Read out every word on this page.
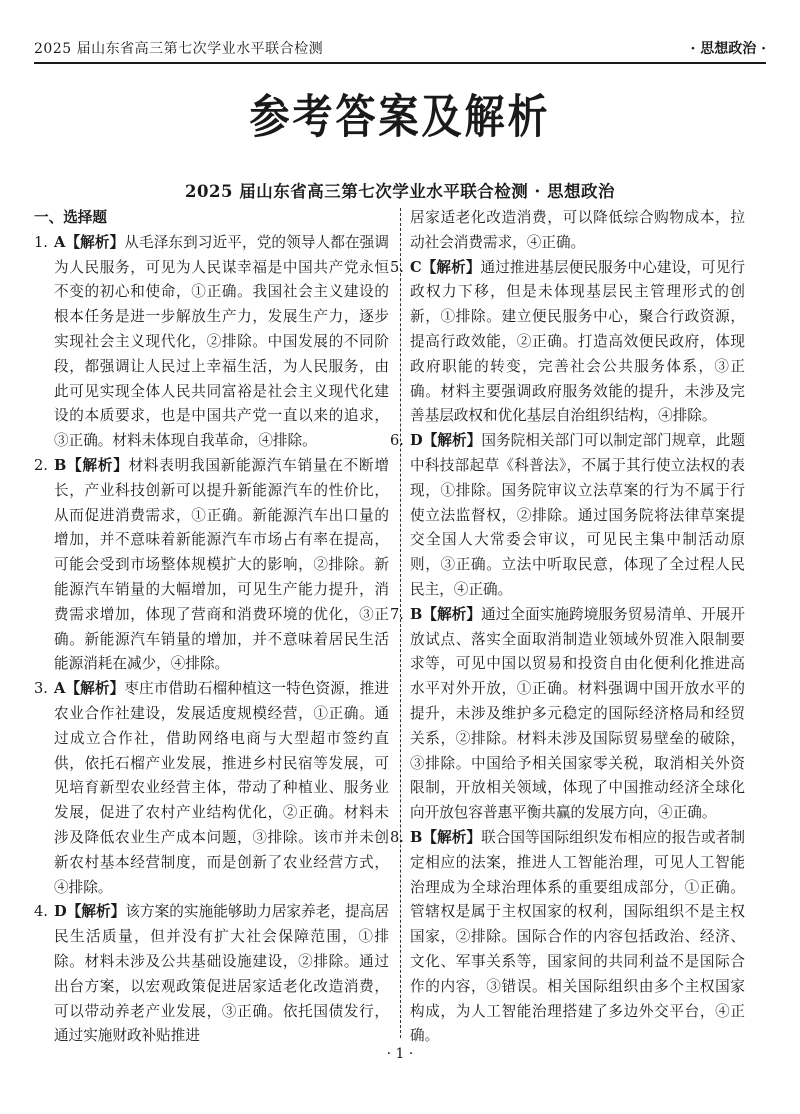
2025 届山东省高三第七次学业水平联合检测	· 思想政治 ·
参考答案及解析
2025 届山东省高三第七次学业水平联合检测 · 思想政治
一、选择题

1. A【解析】从毛泽东到习近平，党的领导人都在强调为人民服务，可见为人民谋幸福是中国共产党永恒不变的初心和使命，①正确。我国社会主义建设的根本任务是进一步解放生产力，发展生产力，逐步实现社会主义现代化，②排除。中国发展的不同阶段，都强调让人民过上幸福生活，为人民服务，由此可见实现全体人民共同富裕是社会主义现代化建设的本质要求，也是中国共产党一直以来的追求，③正确。材料未体现自我革命，④排除。

2. B【解析】材料表明我国新能源汽车销量在不断增长，产业科技创新可以提升新能源汽车的性价比，从而促进消费需求，①正确。新能源汽车出口量的增加，并不意味着新能源汽车市场占有率在提高，可能会受到市场整体规模扩大的影响，②排除。新能源汽车销量的大幅增加，可见生产能力提升，消费需求增加，体现了营商和消费环境的优化，③正确。新能源汽车销量的增加，并不意味着居民生活能源消耗在减少，④排除。

3. A【解析】枣庄市借助石榴种植这一特色资源，推进农业合作社建设，发展适度规模经营，①正确。通过成立合作社，借助网络电商与大型超市签约直供，依托石榴产业发展，推进乡村民宿等发展，可见培育新型农业经营主体，带动了种植业、服务业发展，促进了农村产业结构优化，②正确。材料未涉及降低农业生产成本问题，③排除。该市并未创新农村基本经营制度，而是创新了农业经营方式，④排除。

4. D【解析】该方案的实施能够助力居家养老，提高居民生活质量，但并没有扩大社会保障范围，①排除。材料未涉及公共基础设施建设，②排除。通过出台方案，以宏观政策促进居家适老化改造消费，可以带动养老产业发展，③正确。依托国债发行，通过实施财政补贴推进

居家适老化改造消费，可以降低综合购物成本，拉动社会消费需求，④正确。

5. C【解析】通过推进基层便民服务中心建设，可见行政权力下移，但是未体现基层民主管理形式的创新，①排除。建立便民服务中心，聚合行政资源，提高行政效能，②正确。打造高效便民政府，体现政府职能的转变，完善社会公共服务体系，③正确。材料主要强调政府服务效能的提升，未涉及完善基层政权和优化基层自治组织结构，④排除。

6. D【解析】国务院相关部门可以制定部门规章，此题中科技部起草《科普法》，不属于其行使立法权的表现，①排除。国务院审议立法草案的行为不属于行使立法监督权，②排除。通过国务院将法律草案提交全国人大常委会审议，可见民主集中制活动原则，③正确。立法中听取民意，体现了全过程人民民主，④正确。

7. B【解析】通过全面实施跨境服务贸易清单、开展开放试点、落实全面取消制造业领域外贸准入限制要求等，可见中国以贸易和投资自由化便利化推进高水平对外开放，①正确。材料强调中国开放水平的提升，未涉及维护多元稳定的国际经济格局和经贸关系，②排除。材料未涉及国际贸易壁垒的破除，③排除。中国给予相关国家零关税，取消相关外资限制，开放相关领域，体现了中国推动经济全球化向开放包容普惠平衡共赢的发展方向，④正确。

8. B【解析】联合国等国际组织发布相应的报告或者制定相应的法案，推进人工智能治理，可见人工智能治理成为全球治理体系的重要组成部分，①正确。管辖权是属于主权国家的权利，国际组织不是主权国家，②排除。国际合作的内容包括政治、经济、文化、军事关系等，国家间的共同利益不是国际合作的内容，③错误。相关国际组织由多个主权国家构成，为人工智能治理搭建了多边外交平台，④正确。

· 1 ·
